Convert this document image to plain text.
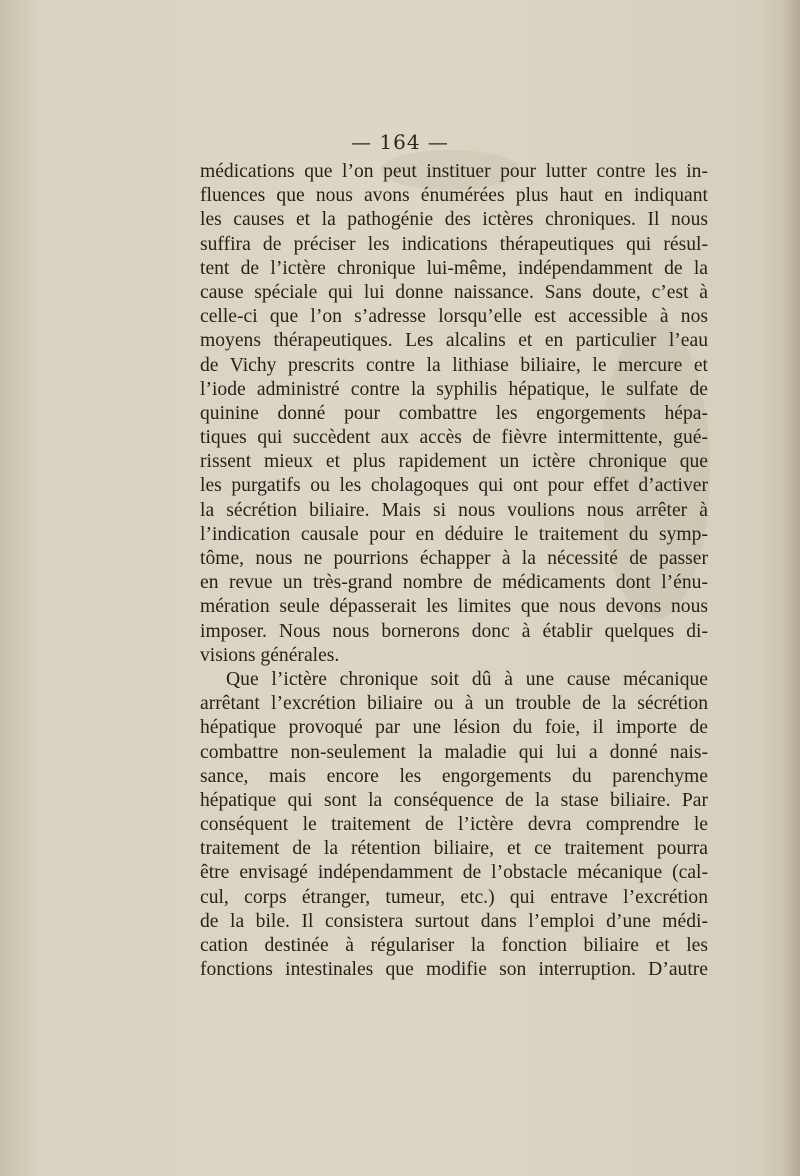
— 164 —
médications que l’on peut instituer pour lutter contre les in-
fluences que nous avons énumérées plus haut en indiquant
les causes et la pathogénie des ictères chroniques. Il nous
suffira de préciser les indications thérapeutiques qui résul-
tent de l’ictère chronique lui-même, indépendamment de la
cause spéciale qui lui donne naissance. Sans doute, c’est à
celle-ci que l’on s’adresse lorsqu’elle est accessible à nos
moyens thérapeutiques. Les alcalins et en particulier l’eau
de Vichy prescrits contre la lithiase biliaire, le mercure et
l’iode administré contre la syphilis hépatique, le sulfate de
quinine donné pour combattre les engorgements hépa-
tiques qui succèdent aux accès de fièvre intermittente, gué-
rissent mieux et plus rapidement un ictère chronique que
les purgatifs ou les cholagoques qui ont pour effet d’activer
la sécrétion biliaire. Mais si nous voulions nous arrêter à
l’indication causale pour en déduire le traitement du symp-
tôme, nous ne pourrions échapper à la nécessité de passer
en revue un très-grand nombre de médicaments dont l’énu-
mération seule dépasserait les limites que nous devons nous
imposer. Nous nous bornerons donc à établir quelques di-
visions générales.
Que l’ictère chronique soit dû à une cause mécanique
arrêtant l’excrétion biliaire ou à un trouble de la sécrétion
hépatique provoqué par une lésion du foie, il importe de
combattre non-seulement la maladie qui lui a donné nais-
sance, mais encore les engorgements du parenchyme
hépatique qui sont la conséquence de la stase biliaire. Par
conséquent le traitement de l’ictère devra comprendre le
traitement de la rétention biliaire, et ce traitement pourra
être envisagé indépendamment de l’obstacle mécanique (cal-
cul, corps étranger, tumeur, etc.) qui entrave l’excrétion
de la bile. Il consistera surtout dans l’emploi d’une médi-
cation destinée à régulariser la fonction biliaire et les
fonctions intestinales que modifie son interruption. D’autre
